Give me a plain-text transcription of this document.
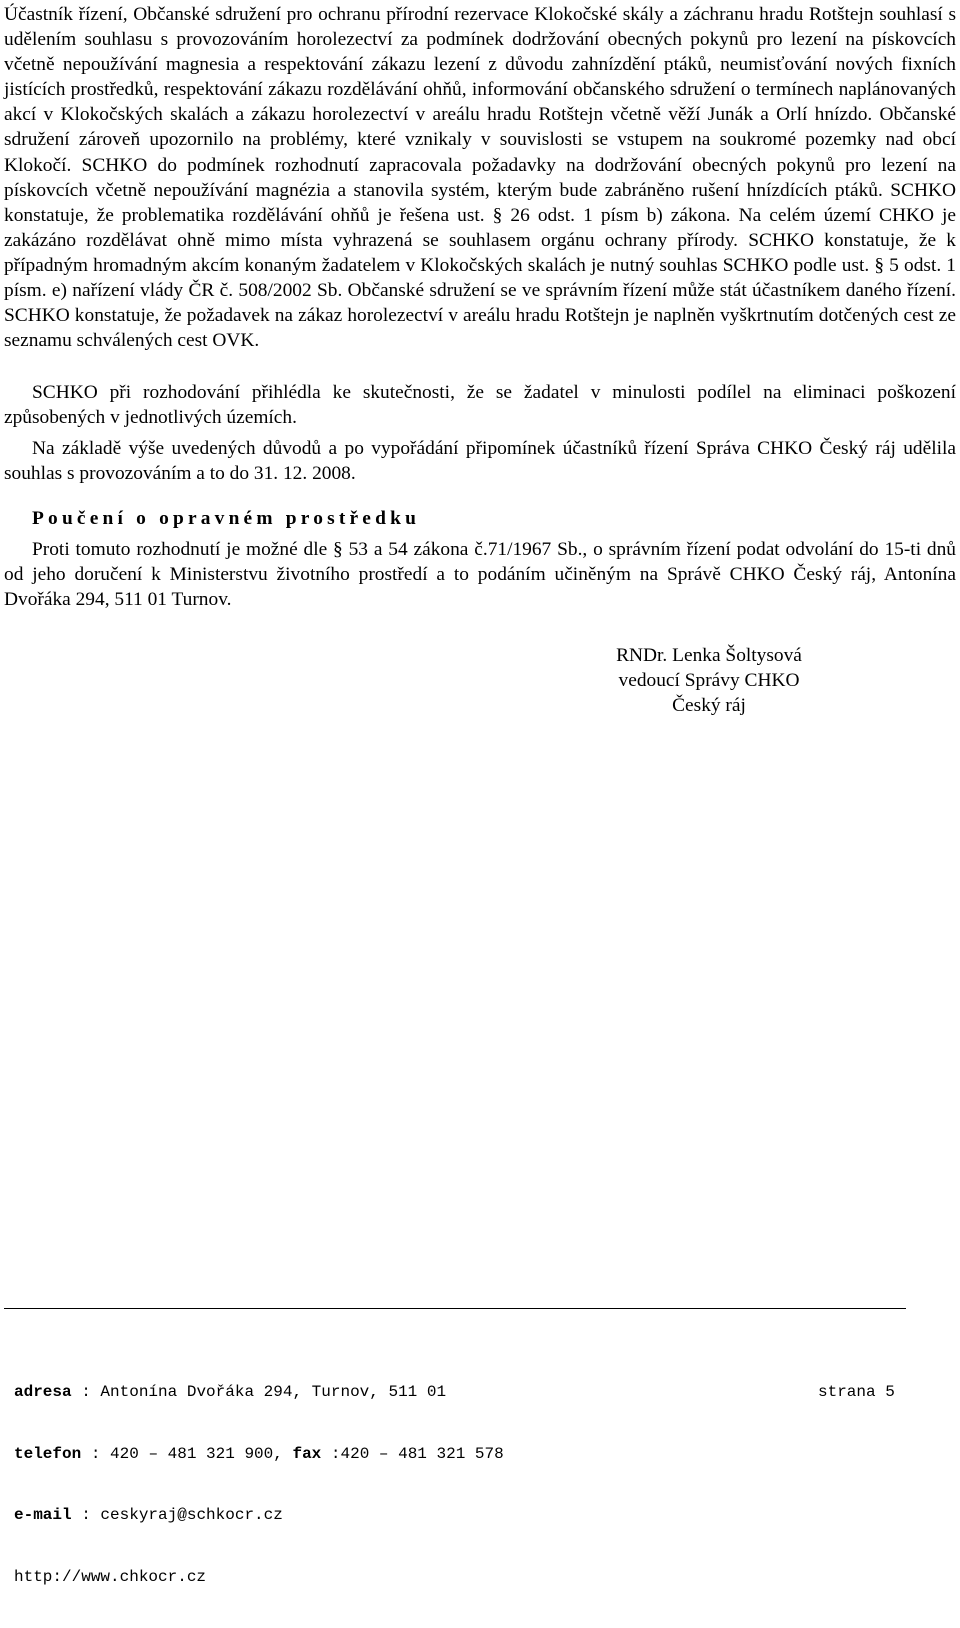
Účastník řízení, Občanské sdružení pro ochranu přírodní rezervace Klokočské skály a záchranu hradu Rotštejn souhlasí s udělením souhlasu s provozováním horolezectví za podmínek dodržování obecných pokynů pro lezení na pískovcích včetně nepoužívání magnesia a respektování zákazu lezení z důvodu zahnízdění ptáků, neumisťování nových fixních jistících prostředků, respektování zákazu rozdělávání ohňů, informování občanského sdružení o termínech naplánovaných akcí v Klokočských skalách a zákazu horolezectví v areálu hradu Rotštejn včetně věží Junák a Orlí hnízdo. Občanské sdružení zároveň upozornilo na problémy, které vznikaly v souvislosti se vstupem na soukromé pozemky nad obcí Klokočí. SCHKO do podmínek rozhodnutí zapracovala požadavky na dodržování obecných pokynů pro lezení na pískovcích včetně nepoužívání magnézia a stanovila systém, kterým bude zabráněno rušení hnízdících ptáků. SCHKO konstatuje, že problematika rozdělávání ohňů je řešena ust. § 26 odst. 1 písm b) zákona. Na celém území CHKO je zakázáno rozdělávat ohně mimo místa vyhrazená se souhlasem orgánu ochrany přírody. SCHKO konstatuje, že k případným hromadným akcím konaným žadatelem v Klokočských skalách je nutný souhlas SCHKO podle ust. § 5 odst. 1 písm. e) nařízení vlády ČR č. 508/2002 Sb. Občanské sdružení se ve správním řízení může stát účastníkem daného řízení. SCHKO konstatuje, že požadavek na zákaz horolezectví v areálu hradu Rotštejn je naplněn vyškrtnutím dotčených cest ze seznamu schválených cest OVK.

SCHKO při rozhodování přihlédla ke skutečnosti, že se žadatel v minulosti podílel na eliminaci poškození způsobených v jednotlivých územích.

Na základě výše uvedených důvodů a po vypořádání připomínek účastníků řízení Správa CHKO Český ráj udělila souhlas s provozováním a to do 31. 12. 2008.

Poučení o opravném prostředku

Proti tomuto rozhodnutí je možné dle § 53 a 54 zákona č.71/1967 Sb., o správním řízení podat odvolání do 15-ti dnů od jeho doručení k Ministerstvu životního prostředí a to podáním učiněným na Správě CHKO Český ráj, Antonína Dvořáka 294, 511 01 Turnov.

RNDr. Lenka Šoltysová
vedoucí Správy CHKO
Český ráj

adresa : Antonína Dvořáka 294, Turnov, 511 01	strana 5

telefon : 420 – 481 321 900, fax :420 – 481 321 578

e-mail : ceskyraj@schkocr.cz

http://www.chkocr.cz
